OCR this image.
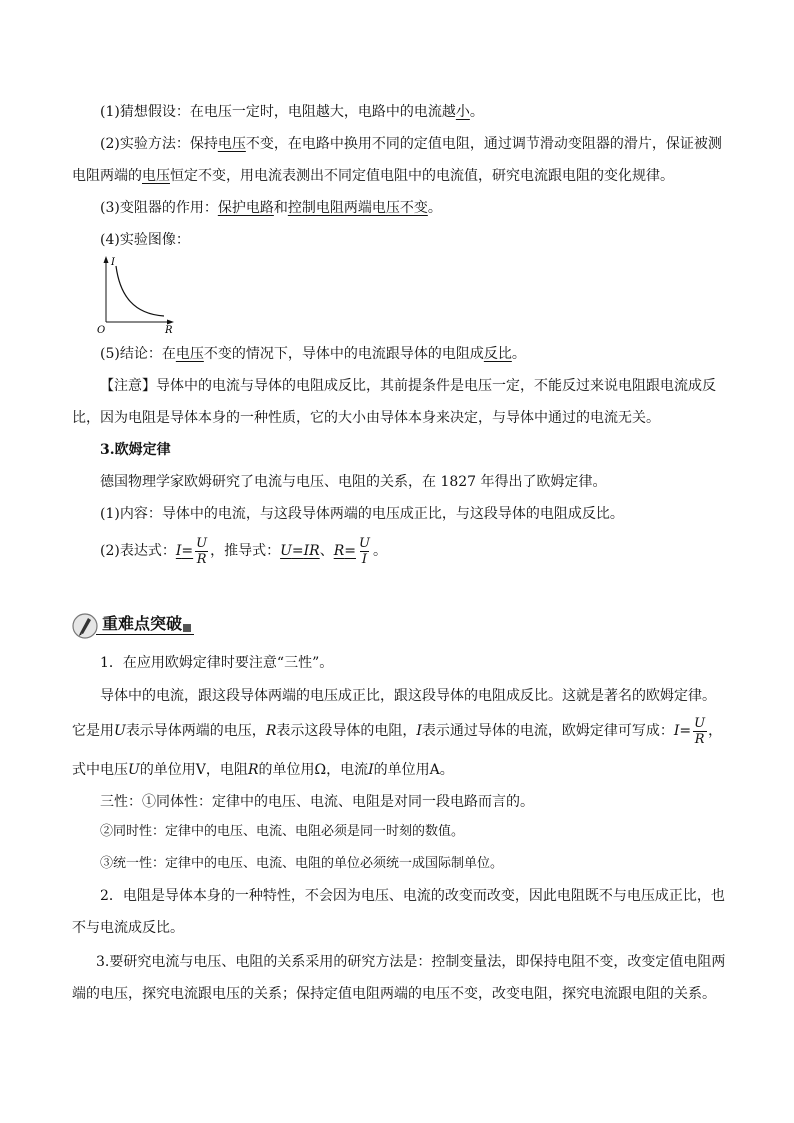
(1)猜想假设：在电压一定时，电阻越大，电路中的电流越小。
(2)实验方法：保持电压不变，在电路中换用不同的定值电阻，通过调节滑动变阻器的滑片，保证被测
电阻两端的电压恒定不变，用电流表测出不同定值电阻中的电流值，研究电流跟电阻的变化规律。
(3)变阻器的作用：保护电路和控制电阻两端电压不变。
(4)实验图像：
I
R
O
(5)结论：在电压不变的情况下，导体中的电流跟导体的电阻成反比。
【注意】导体中的电流与导体的电阻成反比，其前提条件是电压一定，不能反过来说电阻跟电流成反
比，因为电阻是导体本身的一种性质，它的大小由导体本身来决定，与导体中通过的电流无关。
3.欧姆定律
德国物理学家欧姆研究了电流与电压、电阻的关系，在 1827 年得出了欧姆定律。
(1)内容：导体中的电流，与这段导体两端的电压成正比，与这段导体的电阻成反比。
(2)表达式：$I= \frac{U}{R}$ ，推导式：U=IR、$R= \frac{U}{I}$ 。
重难点突破
1．在应用欧姆定律时要注意“三性”。
导体中的电流，跟这段导体两端的电压成正比，跟这段导体的电阻成反比。这就是著名的欧姆定律。
它是用U表示导体两端的电压，R表示这段导体的电阻，I表示通过导体的电流，欧姆定律可写成：$I= \frac{U}{R}$ ，
式中电压U的单位用V，电阻R的单位用Ω，电流I的单位用A。
三性：①同体性：定律中的电压、电流、电阻是对同一段电路而言的。
②同时性：定律中的电压、电流、电阻必须是同一时刻的数值。
③统一性：定律中的电压、电流、电阻的单位必须统一成国际制单位。
2．电阻是导体本身的一种特性，不会因为电压、电流的改变而改变，因此电阻既不与电压成正比，也
不与电流成反比。
3.要研究电流与电压、电阻的关系采用的研究方法是：控制变量法，即保持电阻不变，改变定值电阻两
端的电压，探究电流跟电压的关系；保持定值电阻两端的电压不变，改变电阻，探究电流跟电阻的关系。
